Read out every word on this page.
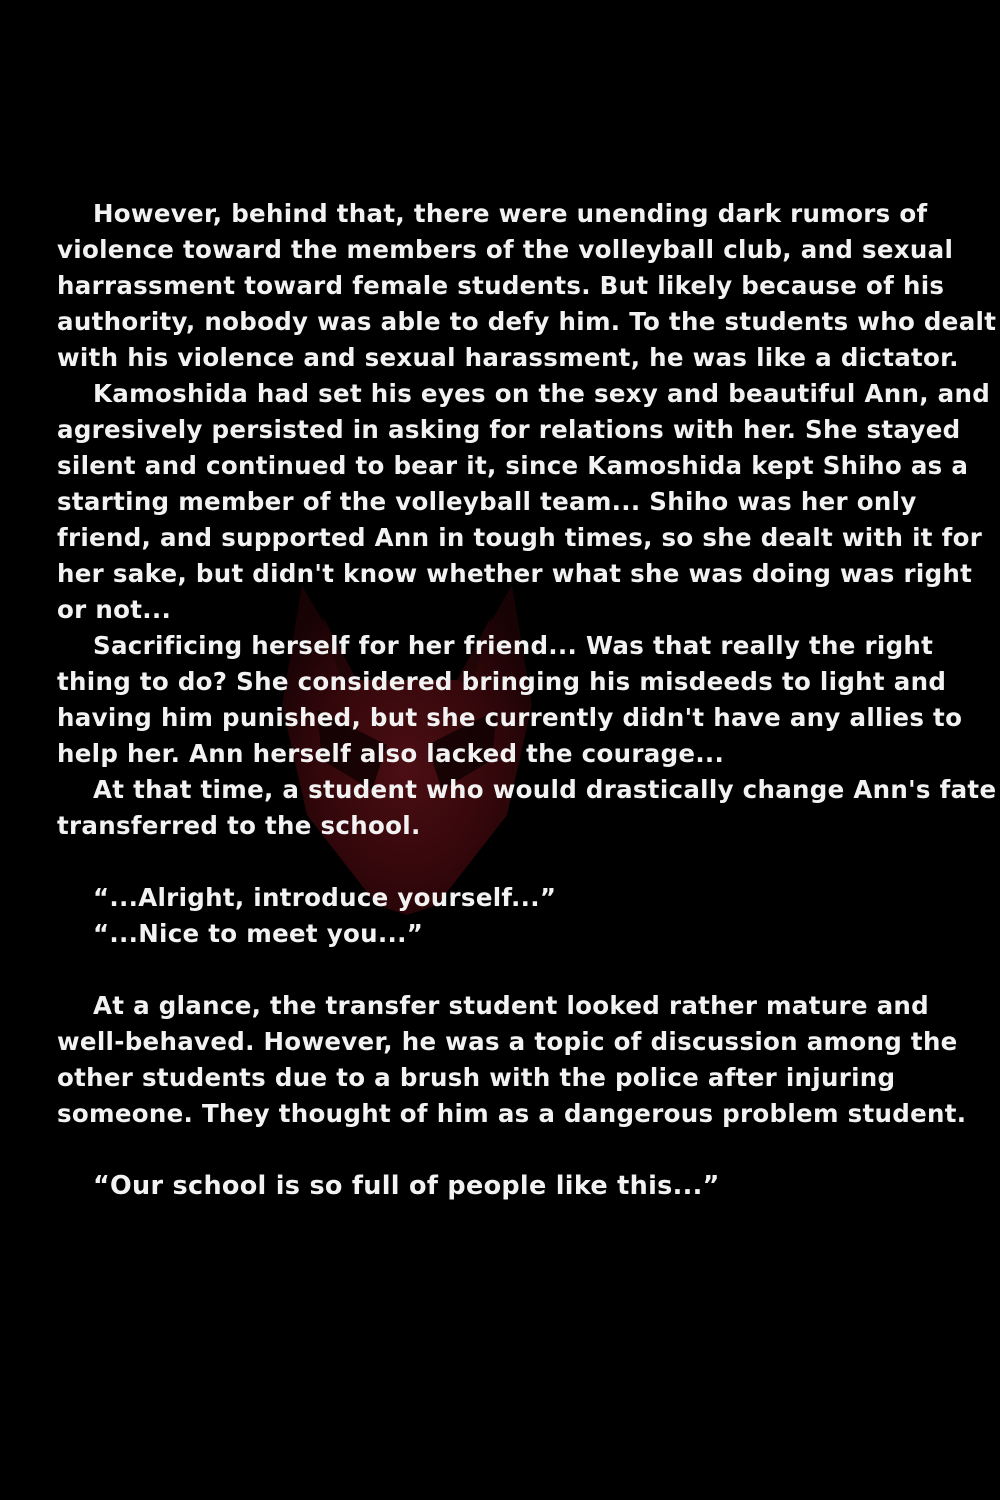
However, behind that, there were unending dark rumors of
violence toward the members of the volleyball club, and sexual
harrassment toward female students. But likely because of his
authority, nobody was able to defy him. To the students who dealt
with his violence and sexual harassment, he was like a dictator.
Kamoshida had set his eyes on the sexy and beautiful Ann, and
agresively persisted in asking for relations with her. She stayed
silent and continued to bear it, since Kamoshida kept Shiho as a
starting member of the volleyball team... Shiho was her only
friend, and supported Ann in tough times, so she dealt with it for
her sake, but didn't know whether what she was doing was right
or not...
Sacrificing herself for her friend... Was that really the right
thing to do? She considered bringing his misdeeds to light and
having him punished, but she currently didn't have any allies to
help her. Ann herself also lacked the courage...
At that time, a student who would drastically change Ann's fate
transferred to the school.
“...Alright, introduce yourself...”
“...Nice to meet you...”
At a glance, the transfer student looked rather mature and
well-behaved. However, he was a topic of discussion among the
other students due to a brush with the police after injuring
someone. They thought of him as a dangerous problem student.
“Our school is so full of people like this...”
